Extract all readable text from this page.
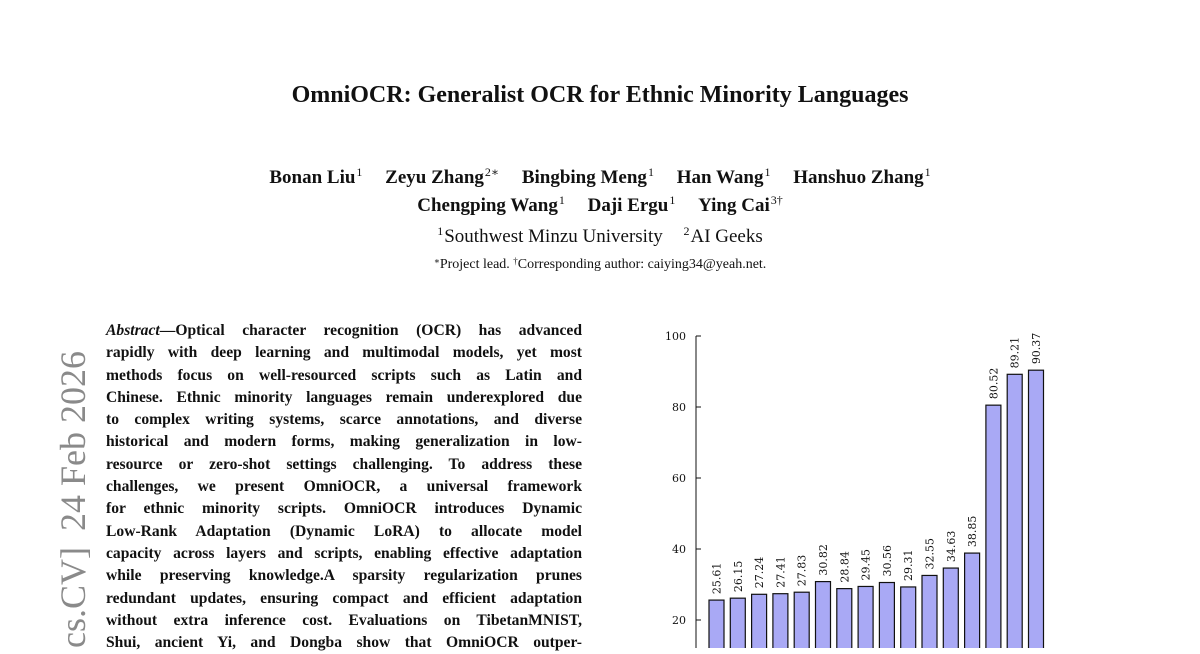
OmniOCR: Generalist OCR for Ethnic Minority Languages
Bonan Liu$^1$ Zeyu Zhang$^{2∗}$ Bingbing Meng$^1$ Han Wang$^1$ Hanshuo Zhang$^1$
Chengping Wang$^1$ Daji Ergu$^1$ Ying Cai$^{3\dagger}$
$^1$Southwest Minzu University $^2$AI Geeks
∗Project lead. †Corresponding author: caiying34@yeah.net.
cs.CV]24 Feb 2026
Abstract—Optical character recognition (OCR) has advanced
rapidly with deep learning and multimodal models, yet most
methods focus on well-resourced scripts such as Latin and
Chinese. Ethnic minority languages remain underexplored due
to complex writing systems, scarce annotations, and diverse
historical and modern forms, making generalization in low-
resource or zero-shot settings challenging. To address these
challenges, we present OmniOCR, a universal framework
for ethnic minority scripts. OmniOCR introduces Dynamic
Low-Rank Adaptation (Dynamic LoRA) to allocate model
capacity across layers and scripts, enabling effective adaptation
while preserving knowledge.A sparsity regularization prunes
redundant updates, ensuring compact and efficient adaptation
without extra inference cost. Evaluations on TibetanMNIST,
Shui, ancient Yi, and Dongba show that OmniOCR outper-
20
40
60
80
100
25.61 26.15 27.24 27.41 27.83 30.82 28.84 29.45 30.56 29.31 32.55 34.63 38.85
80.52
89.21 90.37
